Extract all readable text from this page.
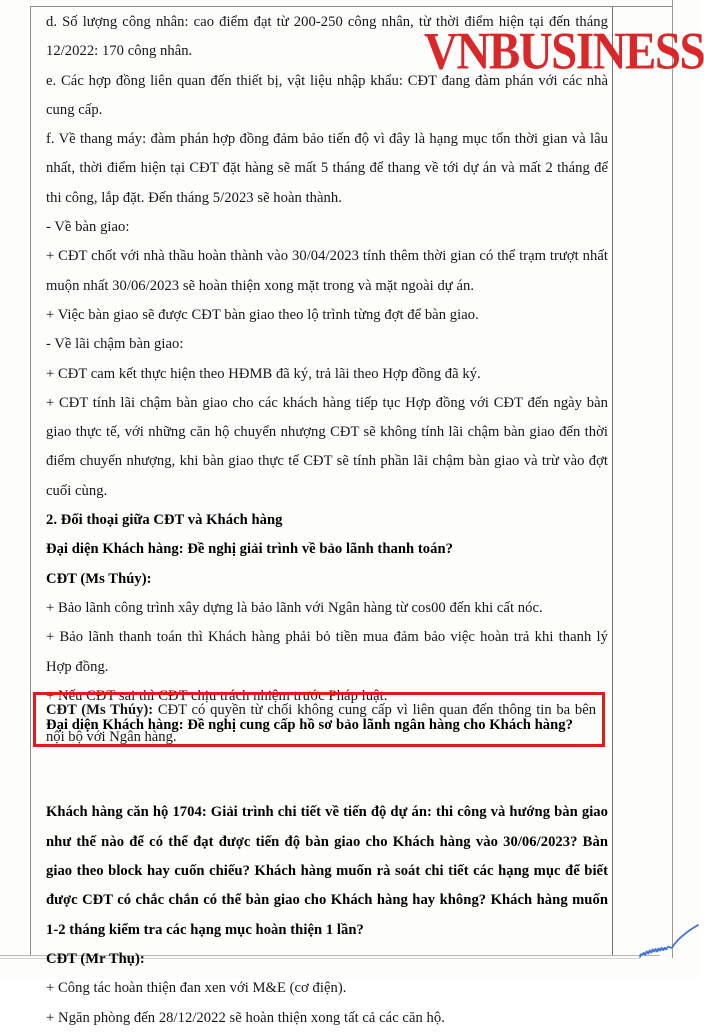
d. Số lượng công nhân: cao điểm đạt từ 200-250 công nhân, từ thời điểm hiện tại đến tháng 12/2022: 170 công nhân.

e. Các hợp đồng liên quan đến thiết bị, vật liệu nhập khẩu: CĐT đang đàm phán với các nhà cung cấp.

f. Về thang máy: đàm phán hợp đồng đảm bảo tiến độ vì đây là hạng mục tốn thời gian và lâu nhất, thời điểm hiện tại CĐT đặt hàng sẽ mất 5 tháng để thang về tới dự án và mất 2 tháng để thi công, lắp đặt. Đến tháng 5/2023 sẽ hoàn thành.

- Về bàn giao:

+ CĐT chốt với nhà thầu hoàn thành vào 30/04/2023 tính thêm thời gian có thể trạm trượt nhất muộn nhất 30/06/2023 sẽ hoàn thiện xong mặt trong và mặt ngoài dự án.

+ Việc bàn giao sẽ được CĐT bàn giao theo lộ trình từng đợt để bàn giao.

- Về lãi chậm bàn giao:

+ CĐT cam kết thực hiện theo HĐMB đã ký, trả lãi theo Hợp đồng đã ký.

+ CĐT tính lãi chậm bàn giao cho các khách hàng tiếp tục Hợp đồng với CĐT đến ngày bàn giao thực tế, với những căn hộ chuyển nhượng CĐT sẽ không tính lãi chậm bàn giao đến thời điểm chuyển nhượng, khi bàn giao thực tế CĐT sẽ tính phần lãi chậm bàn giao và trừ vào đợt cuối cùng.

2. Đối thoại giữa CĐT và Khách hàng

Đại diện Khách hàng: Đề nghị giải trình về bảo lãnh thanh toán?

CĐT (Ms Thúy):

+ Bảo lãnh công trình xây dựng là bảo lãnh với Ngân hàng từ cos00 đến khi cất nóc.

+ Bảo lãnh thanh toán thì Khách hàng phải bỏ tiền mua đảm bảo việc hoàn trả khi thanh lý Hợp đồng.

+ Nếu CĐT sai thì CĐT chịu trách nhiệm trước Pháp luật.

Đại diện Khách hàng: Đề nghị cung cấp hồ sơ bảo lãnh ngân hàng cho Khách hàng?

Khách hàng căn hộ 1704: Giải trình chi tiết về tiến độ dự án: thi công và hướng bàn giao như thế nào để có thể đạt được tiến độ bàn giao cho Khách hàng vào 30/06/2023? Bàn giao theo block hay cuốn chiếu? Khách hàng muốn rà soát chi tiết các hạng mục để biết được CĐT có chắc chắn có thể bàn giao cho Khách hàng hay không? Khách hàng muốn 1-2 tháng kiểm tra các hạng mục hoàn thiện 1 lần?

CĐT (Mr Thụ):

+ Công tác hoàn thiện đan xen với M&E (cơ điện).

+ Ngăn phòng đến 28/12/2022 sẽ hoàn thiện xong tất cả các căn hộ.

CĐT (Ms Thúy): CĐT có quyền từ chối không cung cấp vì liên quan đến thông tin ba bên nội bộ với Ngân hàng.
VNBUSINESS
